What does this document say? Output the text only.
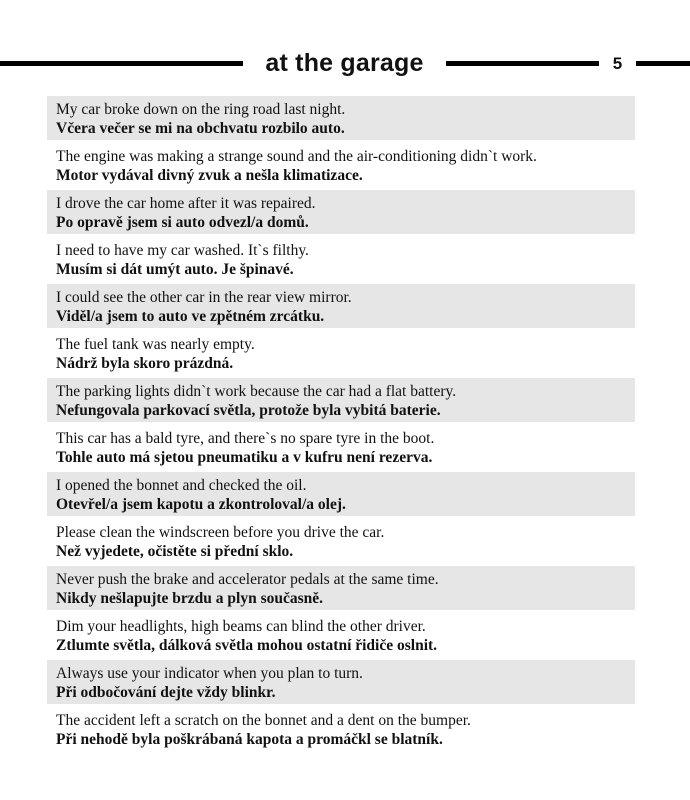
at the garage	5
My car broke down on the ring road last night.
Včera večer se mi na obchvatu rozbilo auto.
The engine was making a strange sound and the air-conditioning didn`t work.
Motor vydával divný zvuk a nešla klimatizace.
I drove the car home after it was repaired.
Po opravě jsem si auto odvezl/a domů.
I need to have my car washed. It`s filthy.
Musím si dát umýt auto. Je špinavé.
I could see the other car in the rear view mirror.
Viděl/a jsem to auto ve zpětném zrcátku.
The fuel tank was nearly empty.
Nádrž byla skoro prázdná.
The parking lights didn`t work because the car had a flat battery.
Nefungovala parkovací světla, protože byla vybitá baterie.
This car has a bald tyre, and there`s no spare tyre in the boot.
Tohle auto má sjetou pneumatiku a v kufru není rezerva.
I opened the bonnet and checked the oil.
Otevřel/a jsem kapotu a zkontroloval/a olej.
Please clean the windscreen before you drive the car.
Než vyjedete, očistěte si přední sklo.
Never push the brake and accelerator pedals at the same time.
Nikdy nešlapujte brzdu a plyn současně.
Dim your headlights, high beams can blind the other driver.
Ztlumte světla, dálková světla mohou ostatní řidiče oslnit.
Always use your indicator when you plan to turn.
Při odbočování dejte vždy blinkr.
The accident left a scratch on the bonnet and a dent on the bumper.
Při nehodě byla poškrábaná kapota a promáčkl se blatník.
